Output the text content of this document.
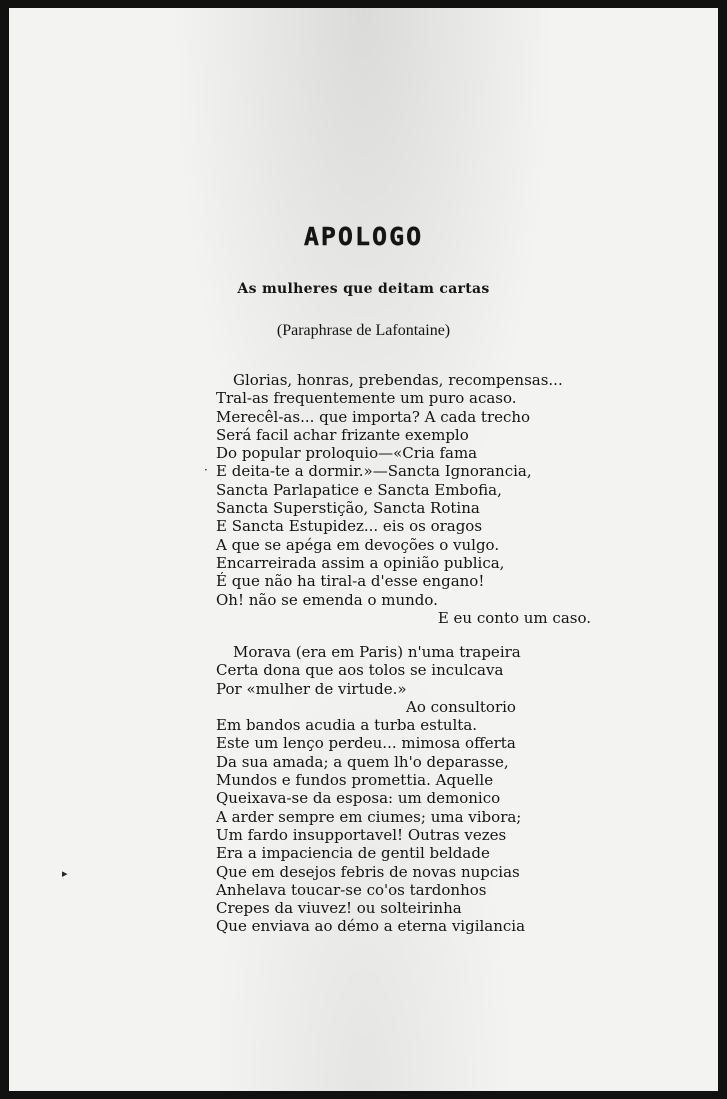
APOLOGO
As mulheres que deitam cartas
(Paraphrase de Lafontaine)
Glorias, honras, prebendas, recompensas...
Tral-as frequentemente um puro acaso.
Merecêl-as... que importa? A cada trecho
Será facil achar frizante exemplo
Do popular proloquio—«Cria fama
E deita-te a dormir.»—Sancta Ignorancia,
Sancta Parlapatice e Sancta Embofia,
Sancta Superstição, Sancta Rotina
E Sancta Estupidez... eis os oragos
A que se apéga em devoções o vulgo.
Encarreirada assim a opinião publica,
É que não ha tiral-a d'esse engano!
Oh! não se emenda o mundo.
E eu conto um caso.
Morava (era em Paris) n'uma trapeira
Certa dona que aos tolos se inculcava
Por «mulher de virtude.»
Ao consultorio
Em bandos acudia a turba estulta.
Este um lenço perdeu... mimosa offerta
Da sua amada; a quem lh'o deparasse,
Mundos e fundos promettia. Aquelle
Queixava-se da esposa: um demonico
A arder sempre em ciumes; uma vibora;
Um fardo insupportavel! Outras vezes
Era a impaciencia de gentil beldade
Que em desejos febris de novas nupcias
Anhelava toucar-se co'os tardonhos
Crepes da viuvez! ou solteirinha
Que enviava ao démo a eterna vigilancia
·
▸
